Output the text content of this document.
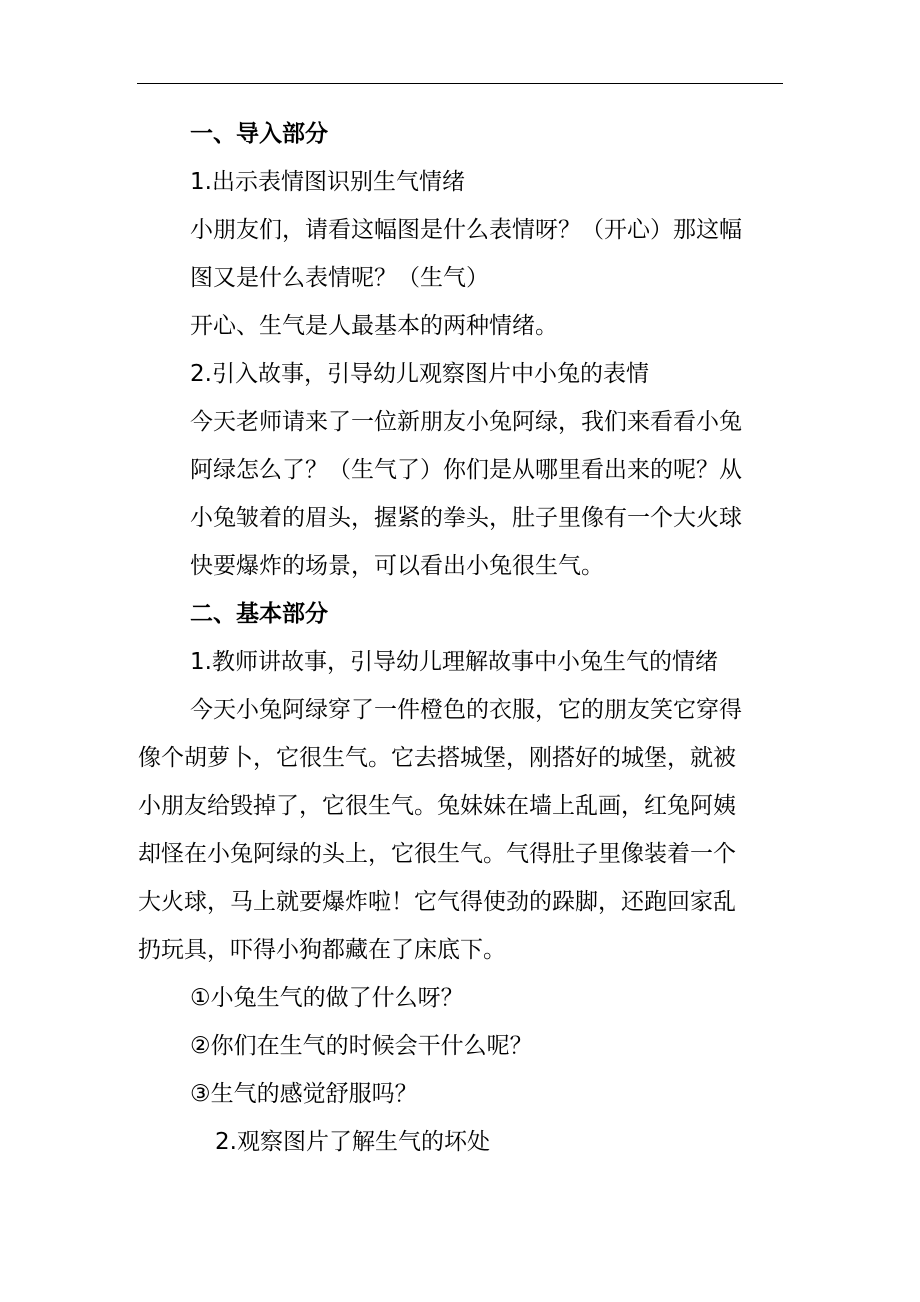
一、导入部分

1.出示表情图识别生气情绪

小朋友们，请看这幅图是什么表情呀？（开心）那这幅

图又是什么表情呢？（生气）

开心、生气是人最基本的两种情绪。

2.引入故事，引导幼儿观察图片中小兔的表情

今天老师请来了一位新朋友小兔阿绿，我们来看看小兔

阿绿怎么了？（生气了）你们是从哪里看出来的呢？从

小兔皱着的眉头，握紧的拳头，肚子里像有一个大火球

快要爆炸的场景，可以看出小兔很生气。

二、基本部分

1.教师讲故事，引导幼儿理解故事中小兔生气的情绪

今天小兔阿绿穿了一件橙色的衣服，它的朋友笑它穿得

像个胡萝卜，它很生气。它去搭城堡，刚搭好的城堡，就被

小朋友给毁掉了，它很生气。兔妹妹在墙上乱画，红兔阿姨

却怪在小兔阿绿的头上，它很生气。气得肚子里像装着一个

大火球，马上就要爆炸啦！它气得使劲的跺脚，还跑回家乱

扔玩具，吓得小狗都藏在了床底下。

①小兔生气的做了什么呀？

②你们在生气的时候会干什么呢？

③生气的感觉舒服吗？

2.观察图片了解生气的坏处
